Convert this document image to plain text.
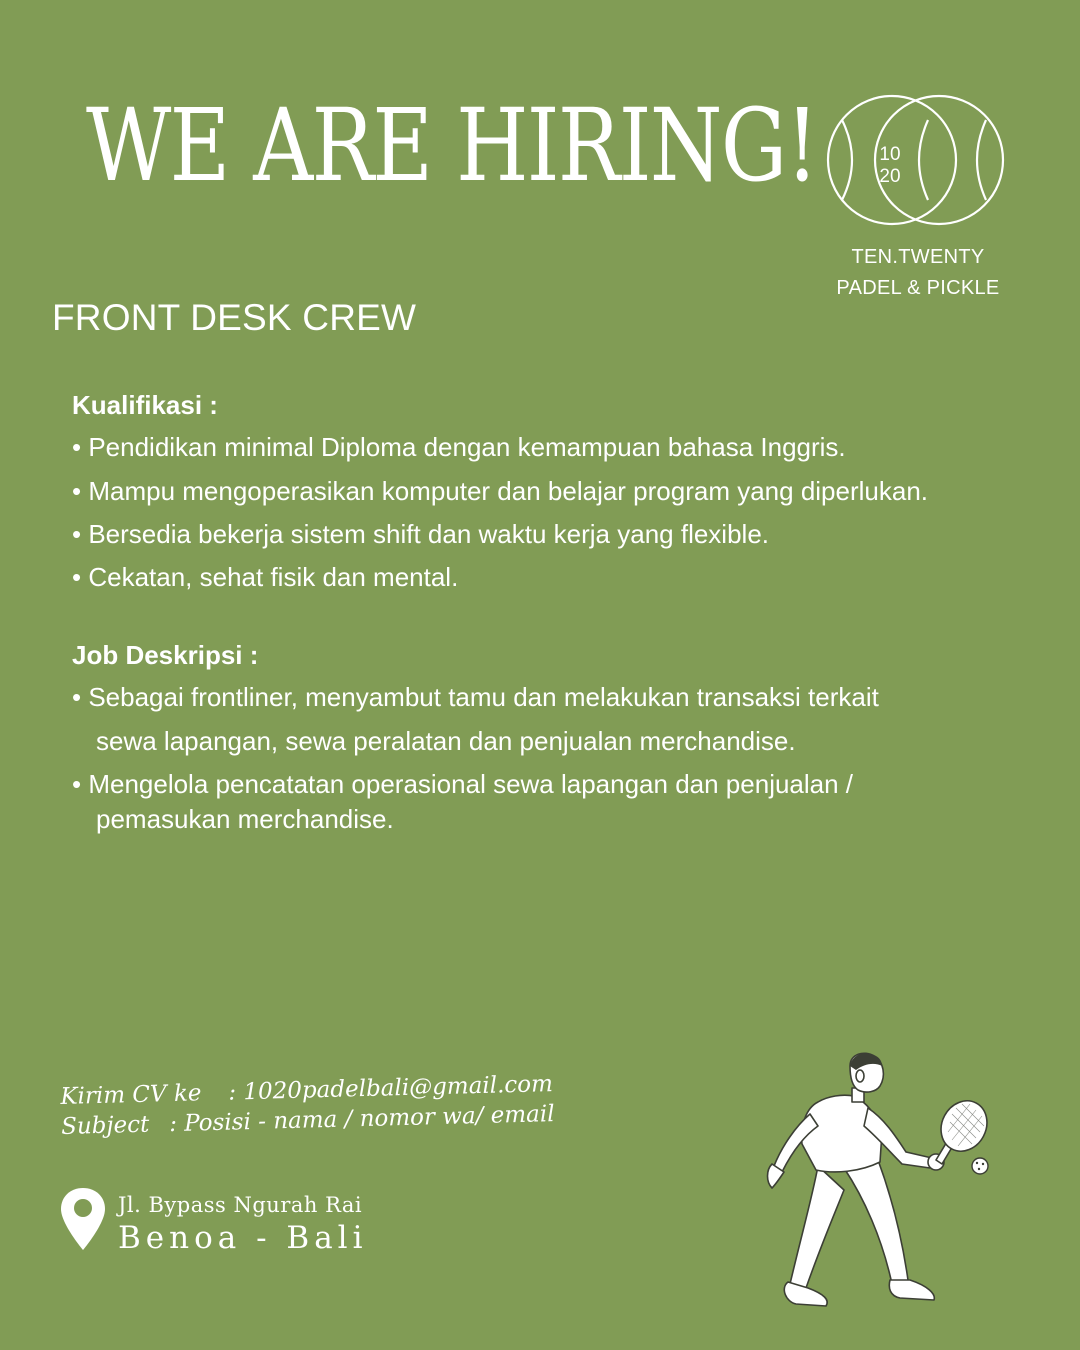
WE ARE HIRING!	10
20
TEN.TWENTY
PADEL & PICKLE
FRONT DESK CREW
Kualifikasi :
• Pendidikan minimal Diploma dengan kemampuan bahasa Inggris.
• Mampu mengoperasikan komputer dan belajar program yang diperlukan.
• Bersedia bekerja sistem shift dan waktu kerja yang flexible.
• Cekatan, sehat fisik dan mental.
Job Deskripsi :
• Sebagai frontliner, menyambut tamu dan melakukan transaksi terkait
sewa lapangan, sewa peralatan dan penjualan merchandise.
• Mengelola pencatatan operasional sewa lapangan dan penjualan /
pemasukan merchandise.
Kirim CV ke : 1020padelbali@gmail.com
Subject : Posisi - nama / nomor wa/ email
Jl. Bypass Ngurah Rai
Benoa - Bali
